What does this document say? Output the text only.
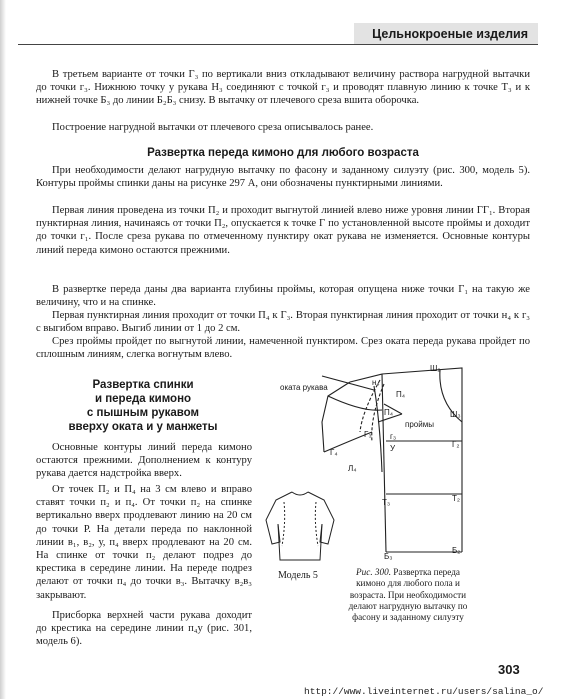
Цельнокроеные изделия

В третьем варианте от точки Г₃ по вертикали вниз откладывают величину раствора нагрудной вытачки до точки г₃. Нижнюю точку у рукава Н₃ соединяют с точкой г₃ и проводят плавную линию к точке Т₃ и к нижней точке Б₃ до линии Б₂Б₃ снизу. В вытачку от плечевого среза вшита оборочка.

Построение нагрудной вытачки от плечевого среза описывалось ранее.

Развертка переда кимоно для любого возраста

При необходимости делают нагрудную вытачку по фасону и заданному силуэту (рис. 300, модель 5). Контуры проймы спинки даны на рисунке 297 А, они обозначены пунктирными линиями.

Первая линия проведена из точки П₂ и проходит выгнутой линией влево ниже уровня линии ГГ₁. Вторая пунктирная линия, начинаясь от точки П₂, опускается к точке Г по установленной высоте проймы и доходит до точки г₁. После среза рукава по отмеченному пунктиру окат рукава не изменяется. Основные контуры линий переда кимоно остаются прежними.

В развертке переда даны два варианта глубины проймы, которая опущена ниже точки Г₁ на такую же величину, что и на спинке.

Первая пунктирная линия проходит от точки П₄ к Г₃. Вторая пунктирная линия проходит от точки н₄ к г₃ с выгибом вправо. Выгиб линии от 1 до 2 см.

Срез проймы пройдет по выгнутой линии, намеченной пунктиром. Срез оката переда рукава пройдет по сплошным линиям, слегка вогнутым влево.

Развертка спинки

и переда кимоно

с пышным рукавом

вверху оката и у манжеты

Основные контуры линий переда кимоно остаются прежними. Дополнением к контуру рукава дается надстройка вверх.

От точек П₂ и П₄ на 3 см влево и вправо ставят точки п₂ и п₄. От точки п₂ на спинке вертикально вверх продлевают линию на 20 см до точки Р. На детали переда по наклонной линии в₁, в₂, у, п₄ вверх продлевают на 20 см. На спинке от точки п₂ делают подрез до крестика в середине линии. На переде подрез делают от точки п₄ до точки в₃. Вытачку в₂в₃ закрывают.

Присборка верхней части рукава доходит до крестика на середине линии п₄у (рис. 301, модель 6).

оката рукава
проймы
Ш₂
Ш₃
н₄
П₄
П₄
Г₄
Г₃
Г₂
г₃
У
Л₄
Т₃	Т₂
Б₂
Б₃
Модель 5	Рис. 300. Развертка переда кимоно для любого пола и возраста. При необходимости делают нагрудную вытачку по фасону и заданному силуэту
303
http://www.liveinternet.ru/users/salina_o/
